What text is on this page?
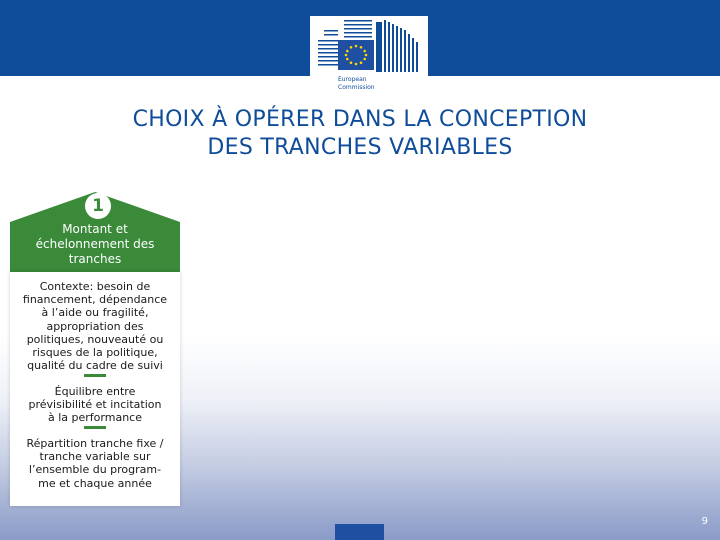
European
Commission
CHOIX À OPÉRER DANS LA CONCEPTION
DES TRANCHES VARIABLES
1
Montant et
échelonnement des
tranches
Contexte: besoin de
financement, dépendance
à l’aide ou fragilité,
appropriation des
politiques, nouveauté ou
risques de la politique,
qualité du cadre de suivi
Équilibre entre
prévisibilité et incitation
à la performance
Répartition tranche fixe /
tranche variable sur
l’ensemble du program-
me et chaque année
9
